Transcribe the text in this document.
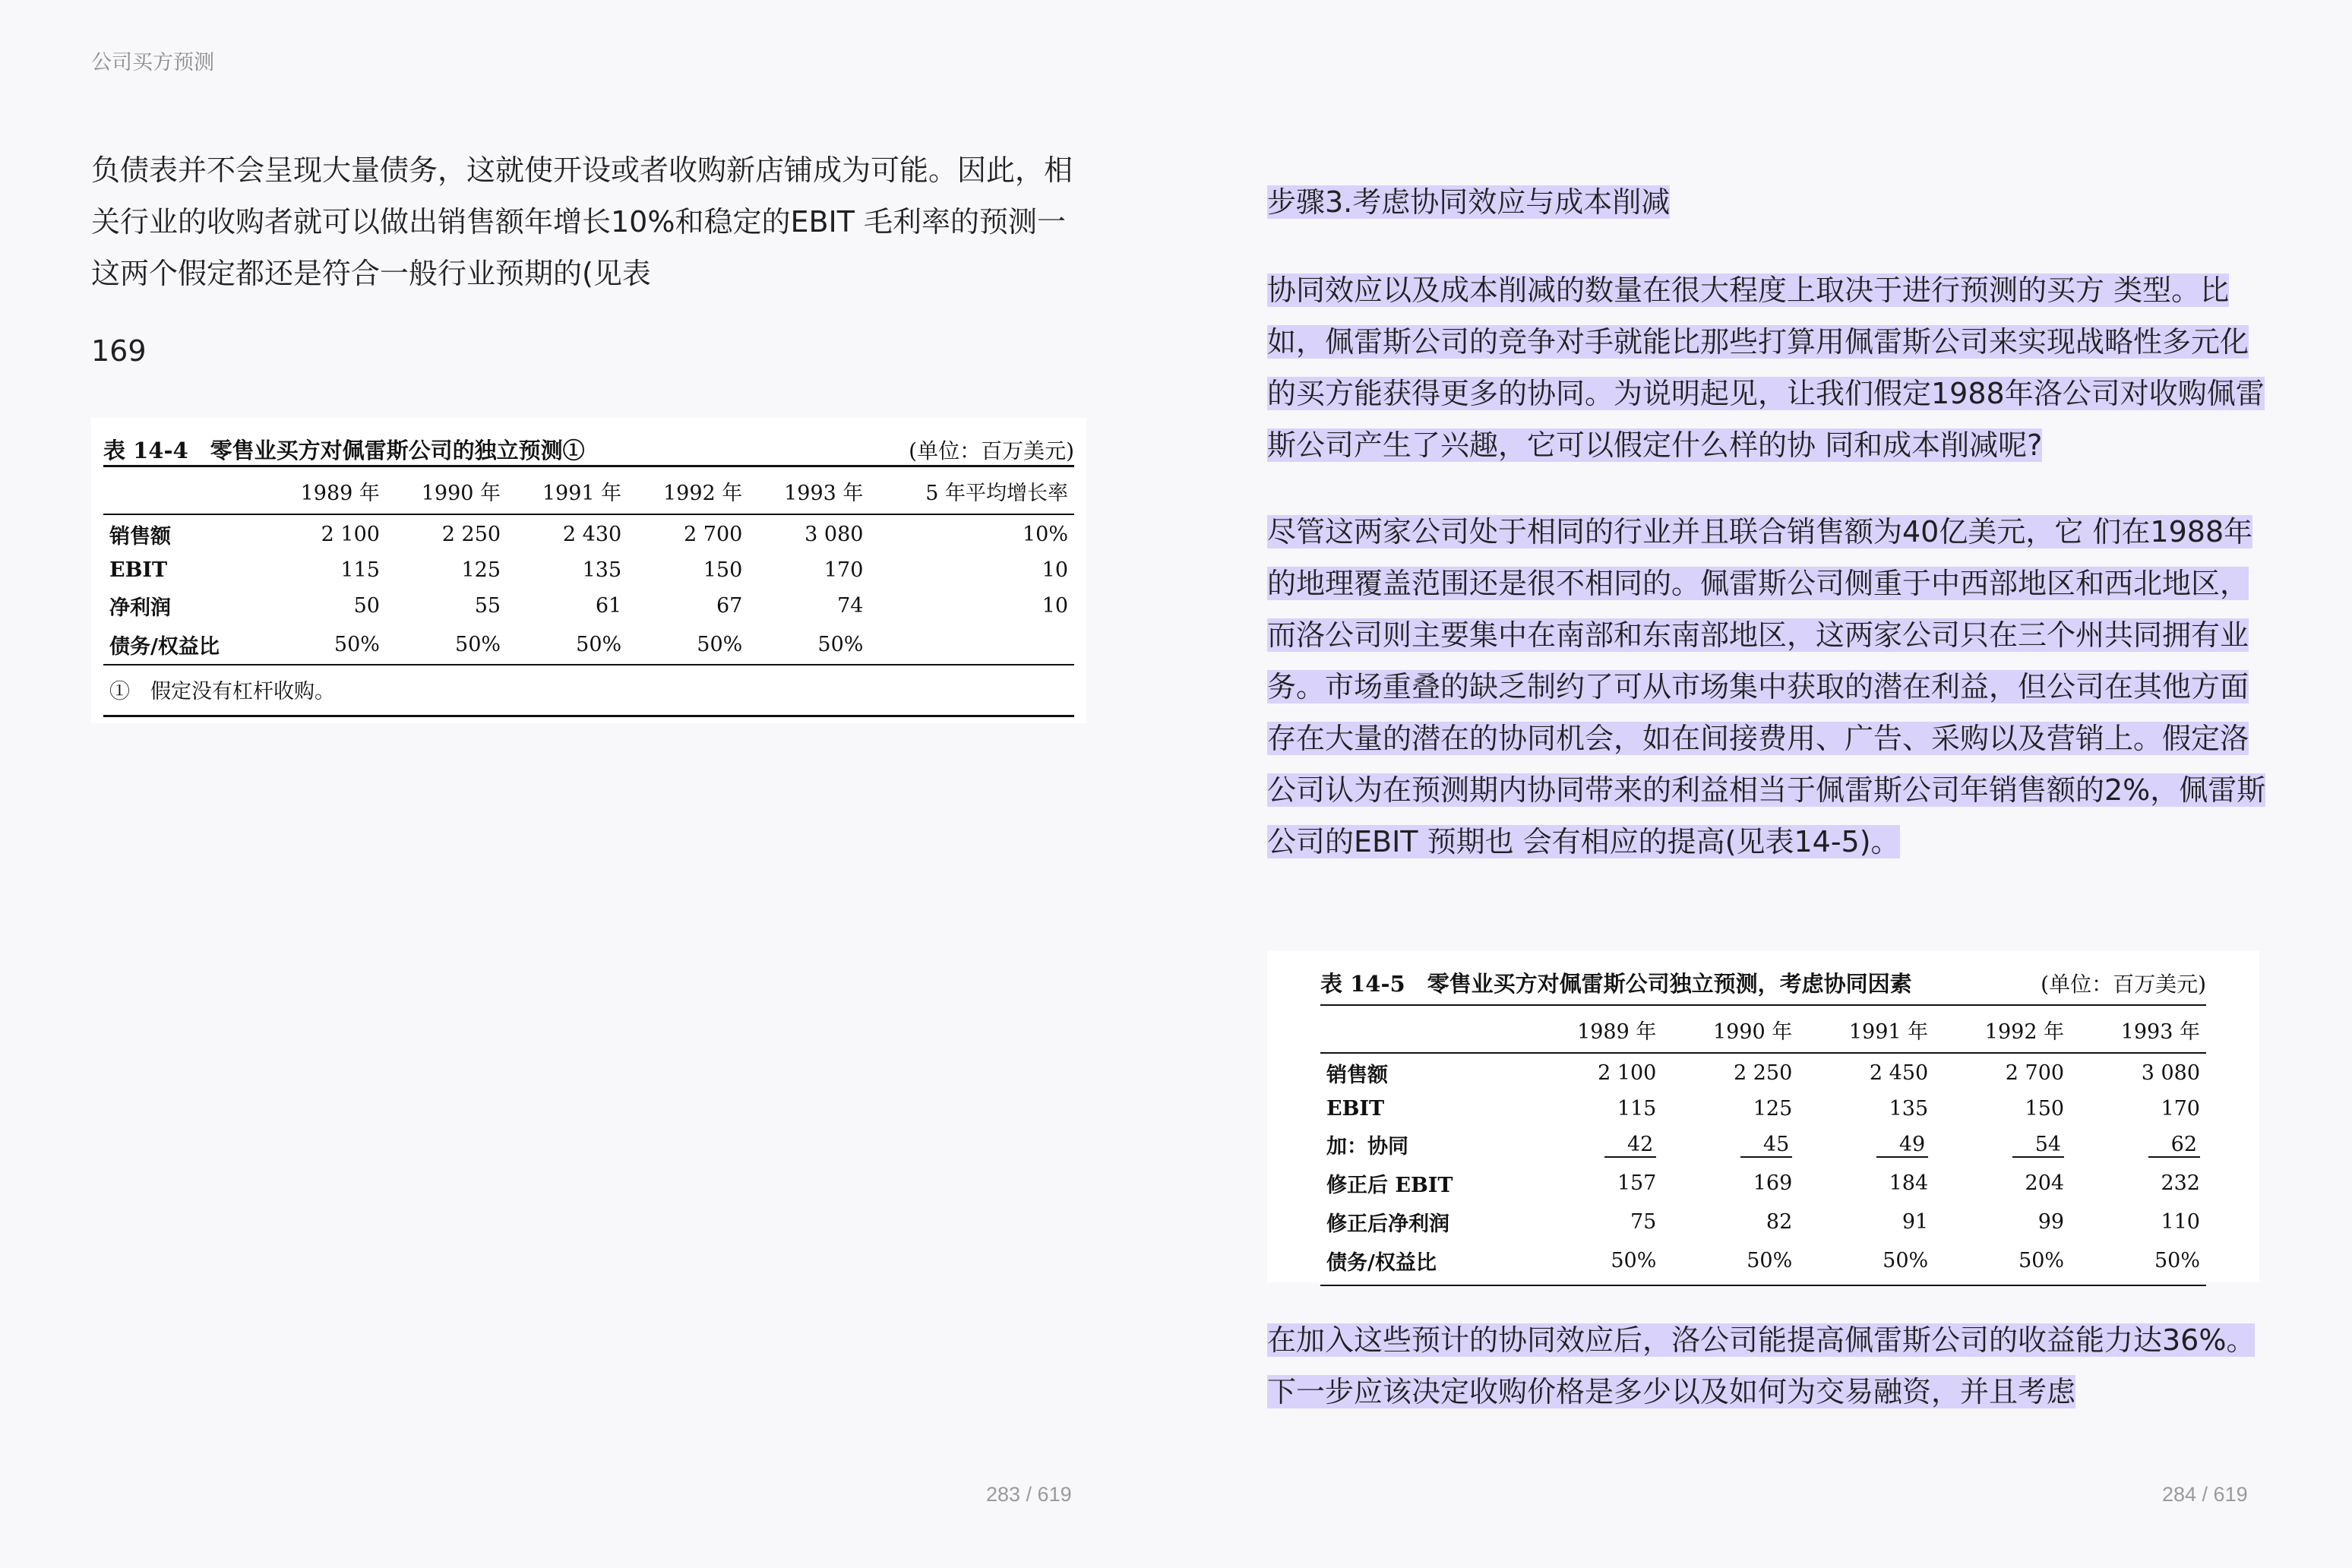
公司买方预测

负债表并不会呈现大量债务，这就使开设或者收购新店铺成为可能。因此，相关行业的收购者就可以做出销售额年增长10%和稳定的EBIT 毛利率的预测一这两个假定都还是符合一般行业预期的(见表

169
表 14-4　零售业买方对佩雷斯公司的独立预测①	(单位：百万美元)
	1989 年	1990 年	1991 年	1992 年	1993 年	5 年平均增长率
销售额	2 100	2 250	2 430	2 700	3 080	10%
EBIT	115	125	135	150	170	10
净利润	50	55	61	67	74	10
债务/权益比	50%	50%	50%	50%	50%	
①　假定没有杠杆收购。
步骤3.考虑协同效应与成本削减

协同效应以及成本削减的数量在很大程度上取决于进行预测的买方 类型。比如，佩雷斯公司的竞争对手就能比那些打算用佩雷斯公司来实现战略性多元化的买方能获得更多的协同。为说明起见，让我们假定1988年洛公司对收购佩雷斯公司产生了兴趣，它可以假定什么样的协 同和成本削减呢?

尽管这两家公司处于相同的行业并且联合销售额为40亿美元，它 们在1988年的地理覆盖范围还是很不相同的。佩雷斯公司侧重于中西部地区和西北地区，而洛公司则主要集中在南部和东南部地区，这两家公司只在三个州共同拥有业务。市场重叠的缺乏制约了可从市场集中获取的潜在利益，但公司在其他方面存在大量的潜在的协同机会，如在间接费用、广告、采购以及营销上。假定洛公司认为在预测期内协同带来的利益相当于佩雷斯公司年销售额的2%，佩雷斯公司的EBIT 预期也 会有相应的提高(见表14-5)。

表 14-5　零售业买方对佩雷斯公司独立预测，考虑协同因素	(单位：百万美元)
	1989 年	1990 年	1991 年	1992 年	1993 年
销售额	2 100	2 250	2 450	2 700	3 080
EBIT	115	125	135	150	170
加：协同	42	45	49	54	62
修正后 EBIT	157	169	184	204	232
修正后净利润	75	82	91	99	110
债务/权益比	50%	50%	50%	50%	50%

在加入这些预计的协同效应后，洛公司能提高佩雷斯公司的收益能力达36%。下一步应该决定收购价格是多少以及如何为交易融资，并且考虑

283 / 619	284 / 619
